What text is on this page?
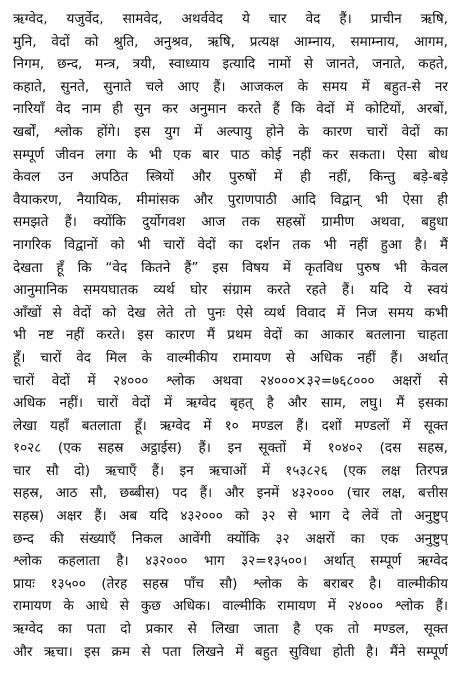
ऋग्वेद, यजुर्वेद, सामवेद, अथर्ववेद ये चार वेद हैं। प्राचीन ऋषि,
मुनि, वेदों को श्रुति, अनुश्रव, ऋषि, प्रत्यक्ष आम्नाय, समाम्नाय, आगम,
निगम, छन्द, मन्त्र, त्रयी, स्वाध्याय इत्यादि नामों से जानते, जनाते, कहते,
कहाते, सुनते, सुनाते चले आए हैं। आजकल के समय में बहुत-से नर
नारियाँ वेद नाम ही सुन कर अनुमान करते हैं कि वेदों में कोटियों, अरबों,
खर्बों, श्लोक होंगे। इस युग में अल्पायु होने के कारण चारों वेदों का
सम्पूर्ण जीवन लगा के भी एक बार पाठ कोई नहीं कर सकता। ऐसा बोध
केवल उन अपठित स्त्रियों और पुरुषों में ही नहीं, किन्तु बड़े-बड़े
वैयाकरण, नैयायिक, मीमांसक और पुराणपाठी आदि विद्वान् भी ऐसा ही
समझते हैं। क्योंकि दुर्योगवश आज तक सहस्रों ग्रामीण अथवा, बहुधा
नागरिक विद्वानों को भी चारों वेदों का दर्शन तक भी नहीं हुआ है। मैं
देखता हूँ कि “वेद कितने हैं” इस विषय में कृतविध पुरुष भी केवल
आनुमानिक समयघातक व्यर्थ घोर संग्राम करते रहते हैं। यदि ये स्वयं
आँखों से वेदों को देख लेते तो पुनः ऐसे व्यर्थ विवाद में निज समय कभी
भी नष्ट नहीं करते। इस कारण मैं प्रथम वेदों का आकार बतलाना चाहता
हूँ। चारों वेद मिल के वाल्मीकीय रामायण से अधिक नहीं हैं। अर्थात्
चारों वेदों में २४००० श्लोक अथवा २४०००×३२=७६८००० अक्षरों से
अधिक नहीं। चारों वेदों में ऋग्वेद बृहत् है और साम, लघु। मैं इसका
लेखा यहाँ बतलाता हूँ। ऋग्वेद में १० मण्डल हैं। दशों मण्डलों में सूक्त
१०२८ (एक सहस्र अट्ठाईस) हैं। इन सूक्तों में १०४०२ (दस सहस्र,
चार सौ दो) ऋचाएँ हैं। इन ऋचाओं में १५३८२६ (एक लक्ष तिरपन्न
सहस्र, आठ सौ, छब्बीस) पद हैं। और इनमें ४३२००० (चार लक्ष, बत्तीस
सहस्र) अक्षर हैं। अब यदि ४३२००० को ३२ से भाग दे लेवें तो अनुष्टुप्
छन्द की संख्याएँ निकल आवेंगी क्योंकि ३२ अक्षरों का एक अनुष्टुप्
श्लोक कहलाता है। ४३२००० भाग ३२=१३५००। अर्थात् सम्पूर्ण ऋग्वेद
प्रायः १३५०० (तेरह सहस्र पाँच सौ) श्लोक के बराबर है। वाल्मीकीय
रामायण के आधे से कुछ अधिक। वाल्मीकि रामायण में २४००० श्लोक हैं।
ऋग्वेद का पता दो प्रकार से लिखा जाता है एक तो मण्डल, सूक्त
और ऋचा। इस क्रम से पता लिखने में बहुत सुविधा होती है। मैंने सम्पूर्ण
